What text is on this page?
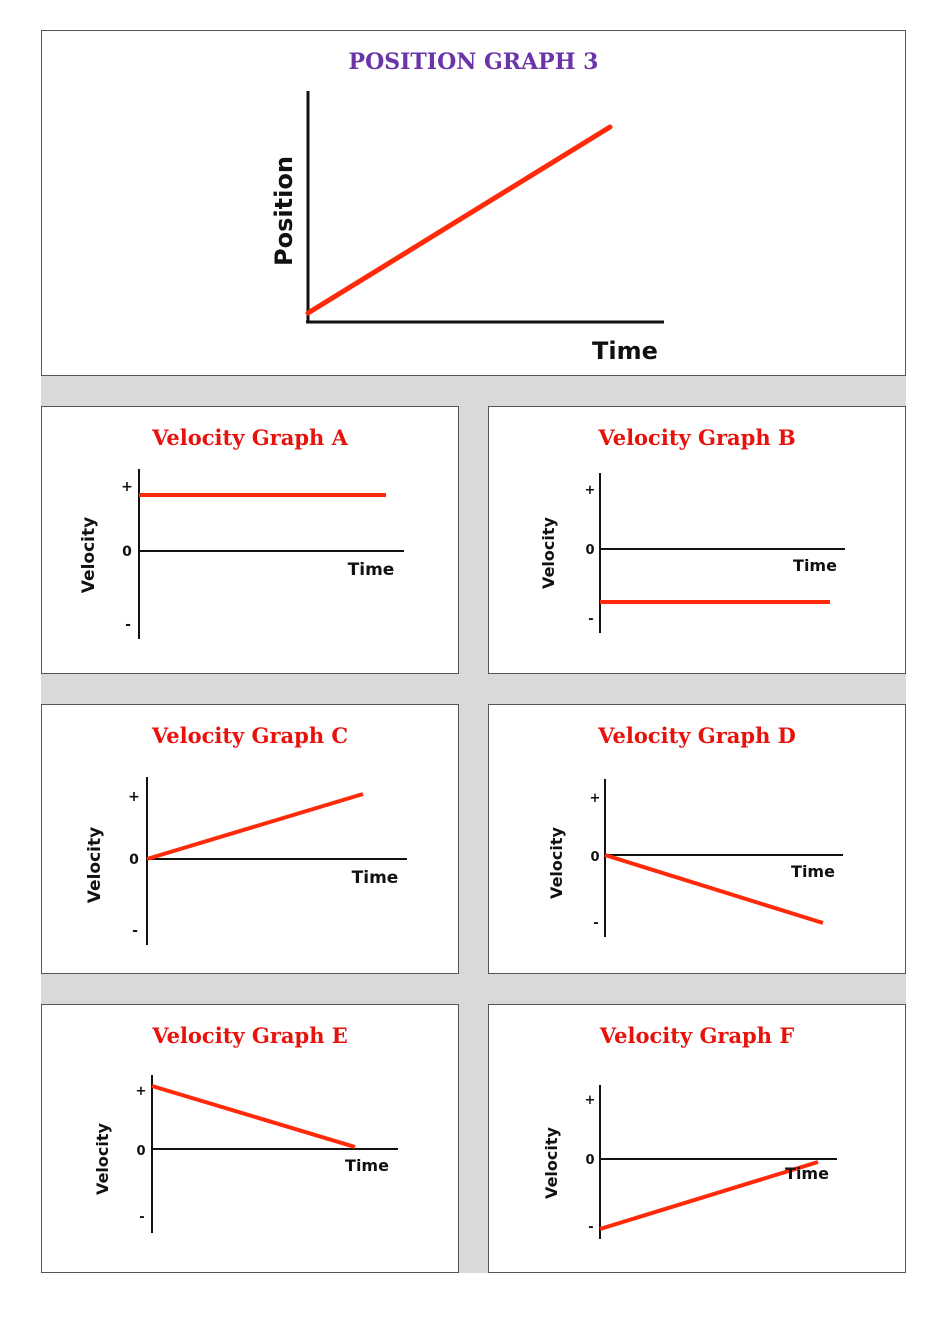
POSITION GRAPH 3
Position
Time
Velocity Graph A
+
0
-
Time
Velocity
Velocity Graph B
+
0
-
Time
Velocity
Velocity Graph C
+
0
-
Time
Velocity
Velocity Graph D
+
0
-
Time
Velocity
Velocity Graph E
+
0
-
Time
Velocity
Velocity Graph F
+
0
-
Time
Velocity
